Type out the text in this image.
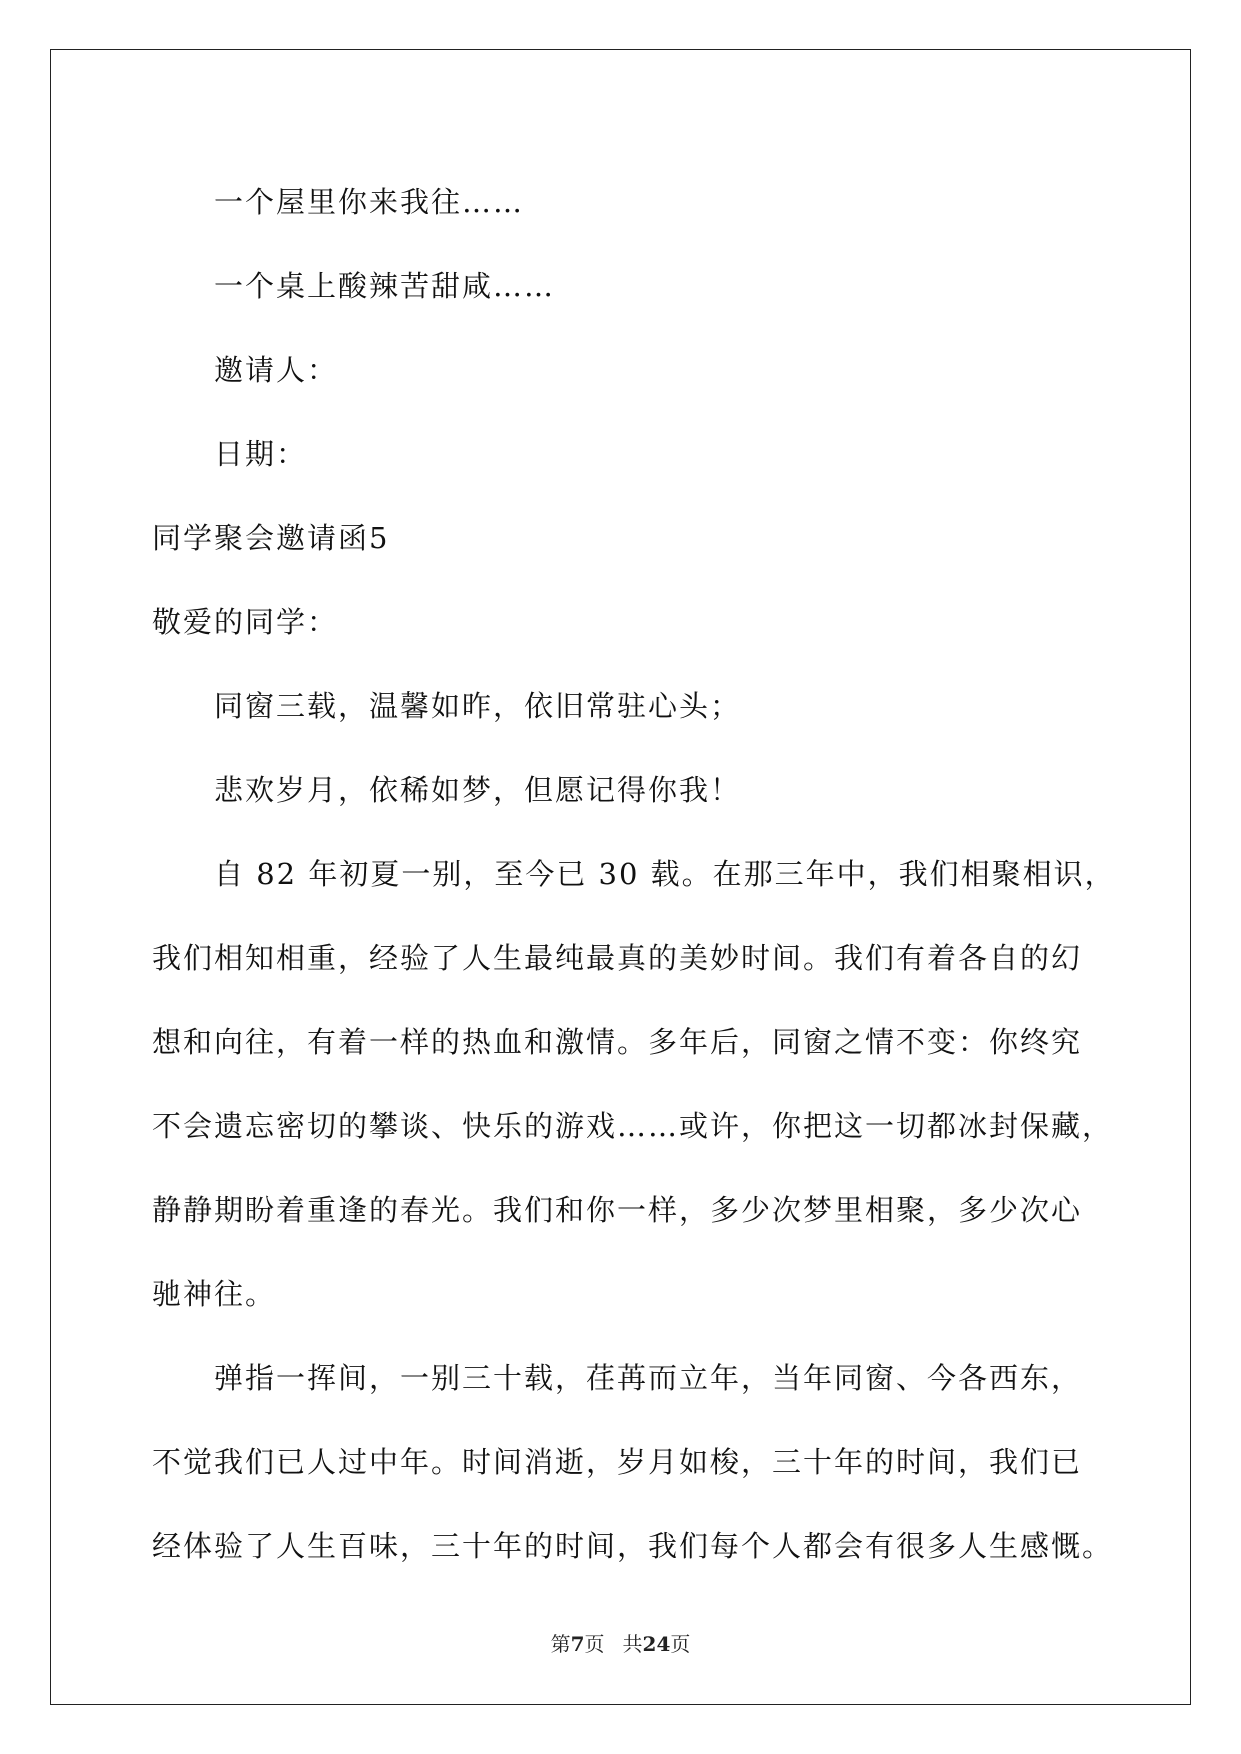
一个屋里你来我往……

一个桌上酸辣苦甜咸……

邀请人：

日期：

同学聚会邀请函5

敬爱的同学：

同窗三载，温馨如昨，依旧常驻心头；

悲欢岁月，依稀如梦，但愿记得你我！

自 82 年初夏一别，至今已 30 载。在那三年中，我们相聚相识，

我们相知相重，经验了人生最纯最真的美妙时间。我们有着各自的幻

想和向往，有着一样的热血和激情。多年后，同窗之情不变：你终究

不会遗忘密切的攀谈、快乐的游戏……或许，你把这一切都冰封保藏，

静静期盼着重逢的春光。我们和你一样，多少次梦里相聚，多少次心

驰神往。

弹指一挥间，一别三十载，荏苒而立年，当年同窗、今各西东，

不觉我们已人过中年。时间消逝，岁月如梭，三十年的时间，我们已

经体验了人生百味，三十年的时间，我们每个人都会有很多人生感慨。

第7页 共24页
